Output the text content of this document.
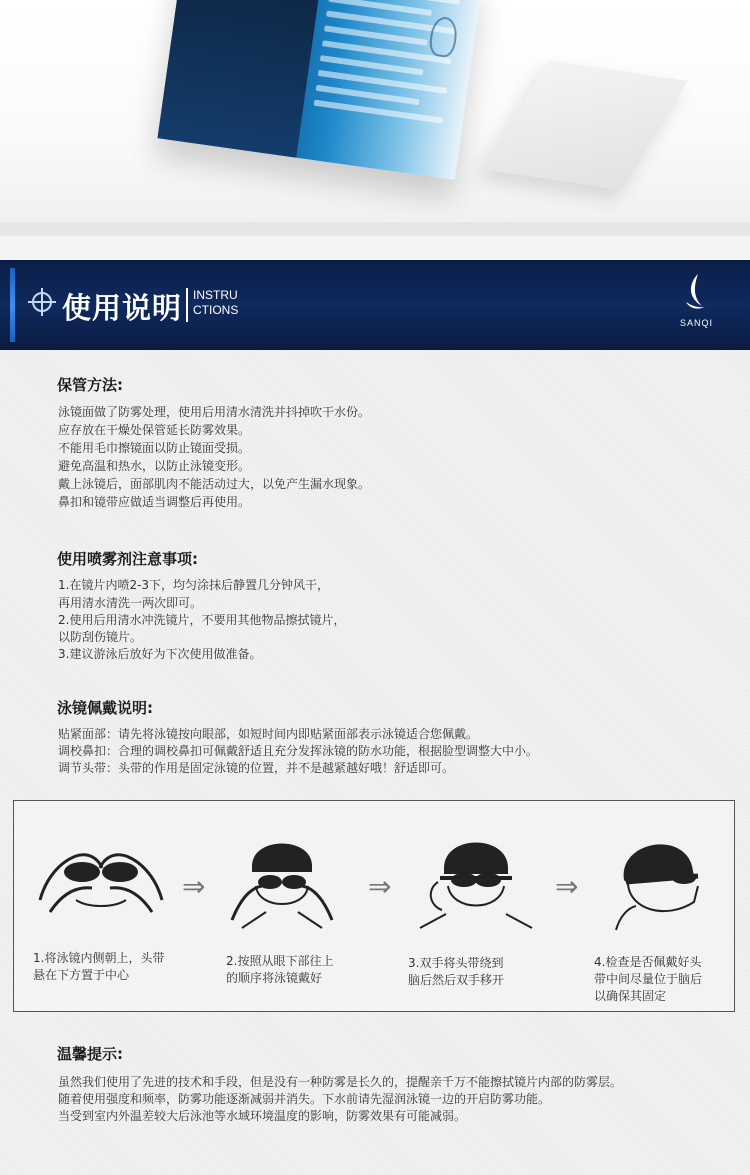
使用说明 INSTRU
CTIONS
SANQI
保管方法:
泳镜面做了防雾处理，使用后用清水清洗并抖掉吹干水份。
应存放在干燥处保管延长防雾效果。
不能用毛巾擦镜面以防止镜面受损。
避免高温和热水，以防止泳镜变形。
戴上泳镜后，面部肌肉不能活动过大，以免产生漏水现象。
鼻扣和镜带应做适当调整后再使用。
使用喷雾剂注意事项:
1.在镜片内喷2-3下，均匀涂抹后静置几分钟风干，
再用清水清洗一两次即可。
2.使用后用清水冲洗镜片，不要用其他物品擦拭镜片，
以防刮伤镜片。
3.建议游泳后放好为下次使用做准备。
泳镜佩戴说明:
贴紧面部：请先将泳镜按向眼部，如短时间内即贴紧面部表示泳镜适合您佩戴。
调校鼻扣：合理的调校鼻扣可佩戴舒适且充分发挥泳镜的防水功能，根据脸型调整大中小。
调节头带：头带的作用是固定泳镜的位置，并不是越紧越好哦！舒适即可。
⇒	⇒	⇒
1.将泳镜内侧朝上，头带
悬在下方置于中心
2.按照从眼下部往上
的顺序将泳镜戴好
3.双手将头带绕到
脑后然后双手移开
4.检查是否佩戴好头
带中间尽量位于脑后
以确保其固定
温馨提示:
虽然我们使用了先进的技术和手段，但是没有一种防雾是长久的，提醒亲千万不能擦拭镜片内部的防雾层。
随着使用强度和频率，防雾功能逐渐减弱并消失。下水前请先湿润泳镜一边的开启防雾功能。
当受到室内外温差较大后泳池等水域环境温度的影响，防雾效果有可能减弱。
